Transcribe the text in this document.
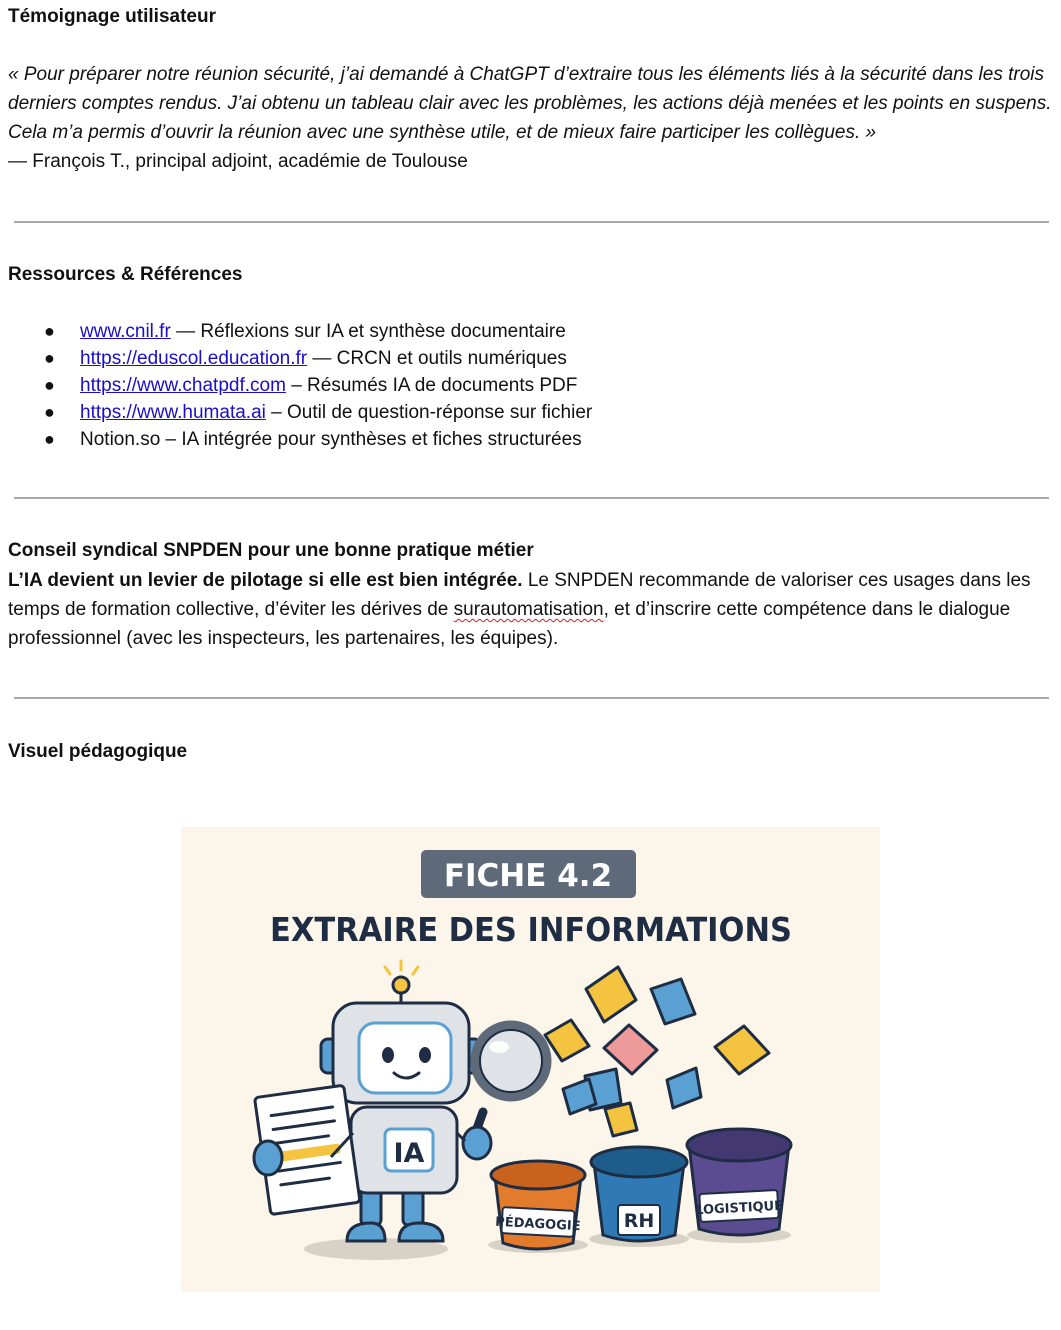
Témoignage utilisateur

« Pour préparer notre réunion sécurité, j’ai demandé à ChatGPT d’extraire tous les éléments liés à la sécurité dans les trois derniers comptes rendus. J’ai obtenu un tableau clair avec les problèmes, les actions déjà menées et les points en suspens. Cela m’a permis d’ouvrir la réunion avec une synthèse utile, et de mieux faire participer les collègues. »

— François T., principal adjoint, académie de Toulouse

Ressources & Références
● www.cnil.fr — Réflexions sur IA et synthèse documentaire
● https://eduscol.education.fr — CRCN et outils numériques
● https://www.chatpdf.com – Résumés IA de documents PDF
● https://www.humata.ai – Outil de question-réponse sur fichier
● Notion.so – IA intégrée pour synthèses et fiches structurées
Conseil syndical SNPDEN pour une bonne pratique métier

L’IA devient un levier de pilotage si elle est bien intégrée. Le SNPDEN recommande de valoriser ces usages dans les temps de formation collective, d’éviter les dérives de surautomatisation, et d’inscrire cette compétence dans le dialogue professionnel (avec les inspecteurs, les partenaires, les équipes).

Visuel pédagogique
FICHE 4.2
EXTRAIRE DES INFORMATIONS
IA
PÉDAGOGIE RH
LOGISTIQUE
